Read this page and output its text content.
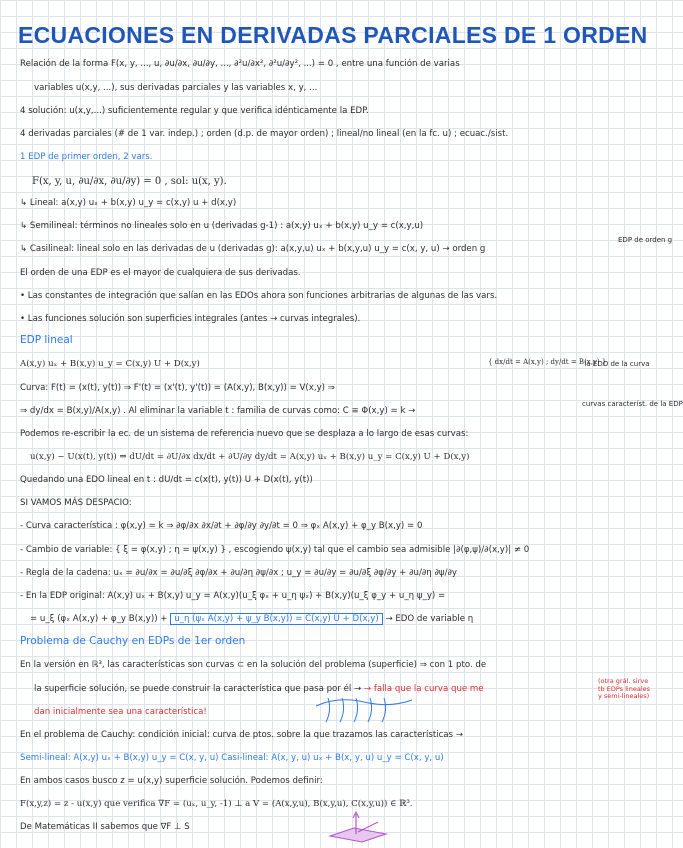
ECUACIONES EN DERIVADAS PARCIALES DE 1 ORDEN
Relación de la forma F(x, y, ..., u, ∂u/∂x, ∂u/∂y, ..., ∂²u/∂x², ∂²u/∂y², ...) = 0 , entre una función de varias
variables u(x,y, ...), sus derivadas parciales y las variables x, y, ...
4 solución: u(x,y,...) suficientemente regular y que verifica idénticamente la EDP.
4 derivadas parciales (# de 1 var. indep.) ; orden (d.p. de mayor orden) ; lineal/no lineal (en la fc. u) ; ecuac./sist.
1 EDP de primer orden, 2 vars.
F(x, y, u, ∂u/∂x, ∂u/∂y) = 0 , sol: u(x, y).
↳ Lineal: a(x,y) uₓ + b(x,y) u_y = c(x,y) u + d(x,y)
↳ Semilineal: términos no lineales solo en u (derivadas g-1) : a(x,y) uₓ + b(x,y) u_y = c(x,y,u)
↳ Casilineal: lineal solo en las derivadas de u (derivadas g): a(x,y,u) uₓ + b(x,y,u) u_y = c(x, y, u) → orden g
EDP de orden g
El orden de una EDP es el mayor de cualquiera de sus derivadas.
• Las constantes de integración que salían en las EDOs ahora son funciones arbitrarias de algunas de las vars.
• Las funciones solución son superficies integrales (antes → curvas integrales).
EDP lineal
A(x,y) uₓ + B(x,y) u_y = C(x,y) U + D(x,y)	{ dx/dt = A(x,y) ; dy/dt = B(x,y) }
la EDO de la curva
Curva: F(t) = (x(t), y(t)) ⇒ F'(t) = (x'(t), y'(t)) = (A(x,y), B(x,y)) = V(x,y) ⇒
⇒ dy/dx = B(x,y)/A(x,y) . Al eliminar la variable t : familia de curvas como: C ≡ Φ(x,y) = k →
curvas característ. de la EDP
Podemos re-escribir la ec. de un sistema de referencia nuevo que se desplaza a lo largo de esas curvas:
u(x,y) ~ U(x(t), y(t)) ⇒ dU/dt = ∂U/∂x dx/dt + ∂U/∂y dy/dt = A(x,y) uₓ + B(x,y) u_y = C(x,y) U + D(x,y)
Quedando una EDO lineal en t : dU/dt = c(x(t), y(t)) U + D(x(t), y(t))
SI VAMOS MÁS DESPACIO:
- Curva característica : φ(x,y) = k ⇒ ∂φ/∂x ∂x/∂t + ∂φ/∂y ∂y/∂t = 0 ⇒ φₓ A(x,y) + φ_y B(x,y) = 0
- Cambio de variable: { ξ = φ(x,y) ; η = ψ(x,y) } , escogiendo ψ(x,y) tal que el cambio sea admisible |∂(φ,ψ)/∂(x,y)| ≠ 0
- Regla de la cadena: uₓ = ∂u/∂x = ∂u/∂ξ ∂φ/∂x + ∂u/∂η ∂ψ/∂x ; u_y = ∂u/∂y = ∂u/∂ξ ∂φ/∂y + ∂u/∂η ∂ψ/∂y
- En la EDP original: A(x,y) uₓ + B(x,y) u_y = A(x,y)(u_ξ φₓ + u_η ψₓ) + B(x,y)(u_ξ φ_y + u_η ψ_y) =
= u_ξ (φₓ A(x,y) + φ_y B(x,y)) + u_η (ψₓ A(x,y) + ψ_y B(x,y)) = C(x,y) U + D(x,y) → EDO de variable η
Problema de Cauchy en EDPs de 1er orden
En la versión en ℝ³, las características son curvas ⊂ en la solución del problema (superficie) ⇒ con 1 pto. de
la superficie solución, se puede construir la característica que pasa por él → → falla que la curva que me
dan inicialmente sea una característica!
(otra grál. sirve tb EDPs lineales y semi-lineales)
En el problema de Cauchy: condición inicial: curva de ptos. sobre la que trazamos las características →
Semi-lineal: A(x,y) uₓ + B(x,y) u_y = C(x, y, u) Casi-lineal: A(x, y, u) uₓ + B(x, y, u) u_y = C(x, y, u)
En ambos casos busco z = u(x,y) superficie solución. Podemos definir:
F(x,y,z) = z - u(x,y) que verifica ∇F = (uₓ, u_y, -1) ⊥ a V = (A(x,y,u), B(x,y,u), C(x,y,u)) ∈ ℝ³.
De Matemáticas II sabemos que ∇F ⊥ S
